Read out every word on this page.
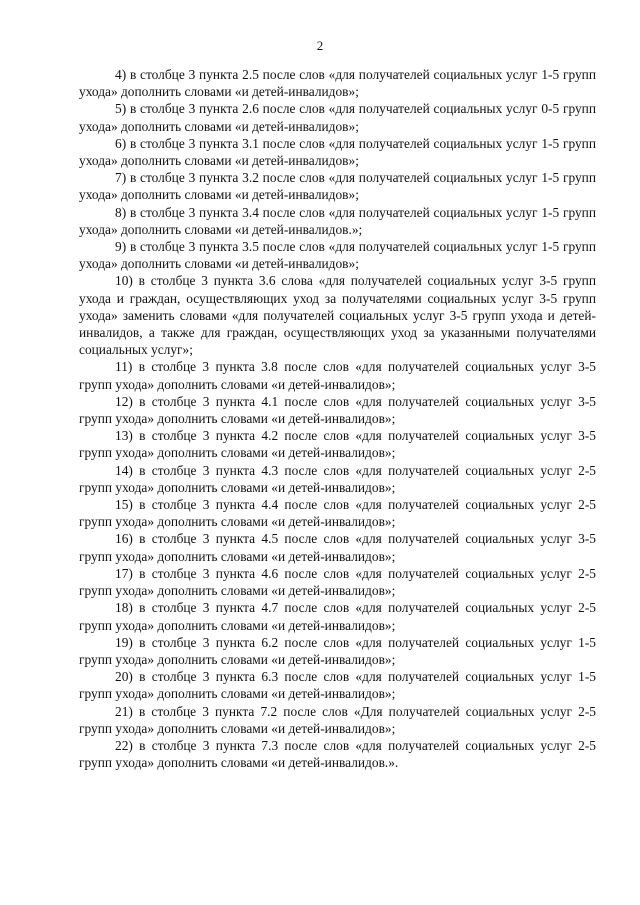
2

4) в столбце 3 пункта 2.5 после слов «для получателей социальных услуг 1-5 групп ухода» дополнить словами «и детей-инвалидов»;

5) в столбце 3 пункта 2.6 после слов «для получателей социальных услуг 0-5 групп ухода» дополнить словами «и детей-инвалидов»;

6) в столбце 3 пункта 3.1 после слов «для получателей социальных услуг 1-5 групп ухода» дополнить словами «и детей-инвалидов»;

7) в столбце 3 пункта 3.2 после слов «для получателей социальных услуг 1-5 групп ухода» дополнить словами «и детей-инвалидов»;

8) в столбце 3 пункта 3.4 после слов «для получателей социальных услуг 1-5 групп ухода» дополнить словами «и детей-инвалидов.»;

9) в столбце 3 пункта 3.5 после слов «для получателей социальных услуг 1-5 групп ухода» дополнить словами «и детей-инвалидов»;

10) в столбце 3 пункта 3.6 слова «для получателей социальных услуг 3-5 групп ухода и граждан, осуществляющих уход за получателями социальных услуг 3-5 групп ухода» заменить словами «для получателей социальных услуг 3-5 групп ухода и детей-инвалидов, а также для граждан, осуществляющих уход за указанными получателями социальных услуг»;

11) в столбце 3 пункта 3.8 после слов «для получателей социальных услуг 3-5 групп ухода» дополнить словами «и детей-инвалидов»;

12) в столбце 3 пункта 4.1 после слов «для получателей социальных услуг 3-5 групп ухода» дополнить словами «и детей-инвалидов»;

13) в столбце 3 пункта 4.2 после слов «для получателей социальных услуг 3-5 групп ухода» дополнить словами «и детей-инвалидов»;

14) в столбце 3 пункта 4.3 после слов «для получателей социальных услуг 2-5 групп ухода» дополнить словами «и детей-инвалидов»;

15) в столбце 3 пункта 4.4 после слов «для получателей социальных услуг 2-5 групп ухода» дополнить словами «и детей-инвалидов»;

16) в столбце 3 пункта 4.5 после слов «для получателей социальных услуг 3-5 групп ухода» дополнить словами «и детей-инвалидов»;

17) в столбце 3 пункта 4.6 после слов «для получателей социальных услуг 2-5 групп ухода» дополнить словами «и детей-инвалидов»;

18) в столбце 3 пункта 4.7 после слов «для получателей социальных услуг 2-5 групп ухода» дополнить словами «и детей-инвалидов»;

19) в столбце 3 пункта 6.2 после слов «для получателей социальных услуг 1-5 групп ухода» дополнить словами «и детей-инвалидов»;

20) в столбце 3 пункта 6.3 после слов «для получателей социальных услуг 1-5 групп ухода» дополнить словами «и детей-инвалидов»;

21) в столбце 3 пункта 7.2 после слов «Для получателей социальных услуг 2-5 групп ухода» дополнить словами «и детей-инвалидов»;

22) в столбце 3 пункта 7.3 после слов «для получателей социальных услуг 2-5 групп ухода» дополнить словами «и детей-инвалидов.».
